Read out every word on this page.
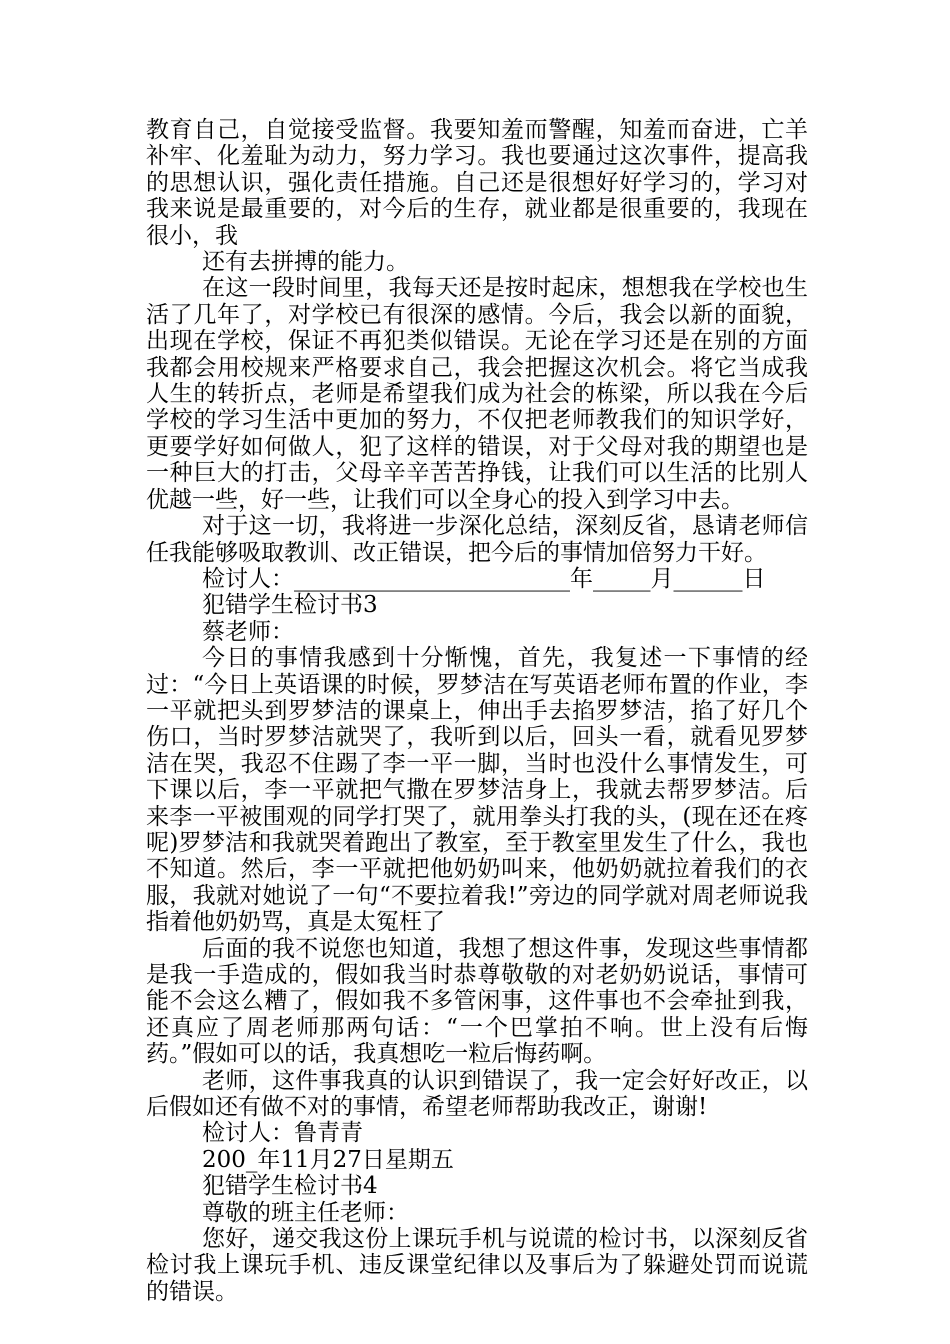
教育自己，自觉接受监督。我要知羞而警醒，知羞而奋进，亡羊补牢、化羞耻为动力，努力学习。我也要通过这次事件，提高我的思想认识，强化责任措施。自己还是很想好好学习的，学习对我来说是最重要的，对今后的生存，就业都是很重要的，我现在很小，我

还有去拼搏的能力。

在这一段时间里，我每天还是按时起床，想想我在学校也生活了几年了，对学校已有很深的感情。今后，我会以新的面貌，出现在学校，保证不再犯类似错误。无论在学习还是在别的方面我都会用校规来严格要求自己，我会把握这次机会。将它当成我人生的转折点，老师是希望我们成为社会的栋梁，所以我在今后学校的学习生活中更加的努力，不仅把老师教我们的知识学好，更要学好如何做人，犯了这样的错误，对于父母对我的期望也是一种巨大的打击，父母辛辛苦苦挣钱，让我们可以生活的比别人优越一些，好一些，让我们可以全身心的投入到学习中去。

对于这一切，我将进一步深化总结，深刻反省，恳请老师信任我能够吸取教训、改正错误，把今后的事情加倍努力干好。

检讨人：________________________年_____月______日

犯错学生检讨书3

蔡老师：

今日的事情我感到十分惭愧，首先，我复述一下事情的经过：“今日上英语课的时候，罗梦洁在写英语老师布置的作业，李一平就把头到罗梦洁的课桌上，伸出手去掐罗梦洁，掐了好几个伤口，当时罗梦洁就哭了，我听到以后，回头一看，就看见罗梦洁在哭，我忍不住踢了李一平一脚，当时也没什么事情发生，可下课以后，李一平就把气撒在罗梦洁身上，我就去帮罗梦洁。后来李一平被围观的同学打哭了，就用拳头打我的头，(现在还在疼呢)罗梦洁和我就哭着跑出了教室，至于教室里发生了什么，我也不知道。然后，李一平就把他奶奶叫来，他奶奶就拉着我们的衣服，我就对她说了一句“不要拉着我!”旁边的同学就对周老师说我指着他奶奶骂，真是太冤枉了

后面的我不说您也知道，我想了想这件事，发现这些事情都是我一手造成的，假如我当时恭尊敬敬的对老奶奶说话，事情可能不会这么糟了，假如我不多管闲事，这件事也不会牵扯到我，还真应了周老师那两句话：“一个巴掌拍不响。世上没有后悔药。”假如可以的话，我真想吃一粒后悔药啊。

老师，这件事我真的认识到错误了，我一定会好好改正，以后假如还有做不对的事情，希望老师帮助我改正，谢谢!

检讨人：鲁青青

200_年11月27日星期五

犯错学生检讨书4

尊敬的班主任老师：

您好，递交我这份上课玩手机与说谎的检讨书，以深刻反省检讨我上课玩手机、违反课堂纪律以及事后为了躲避处罚而说谎的错误。
